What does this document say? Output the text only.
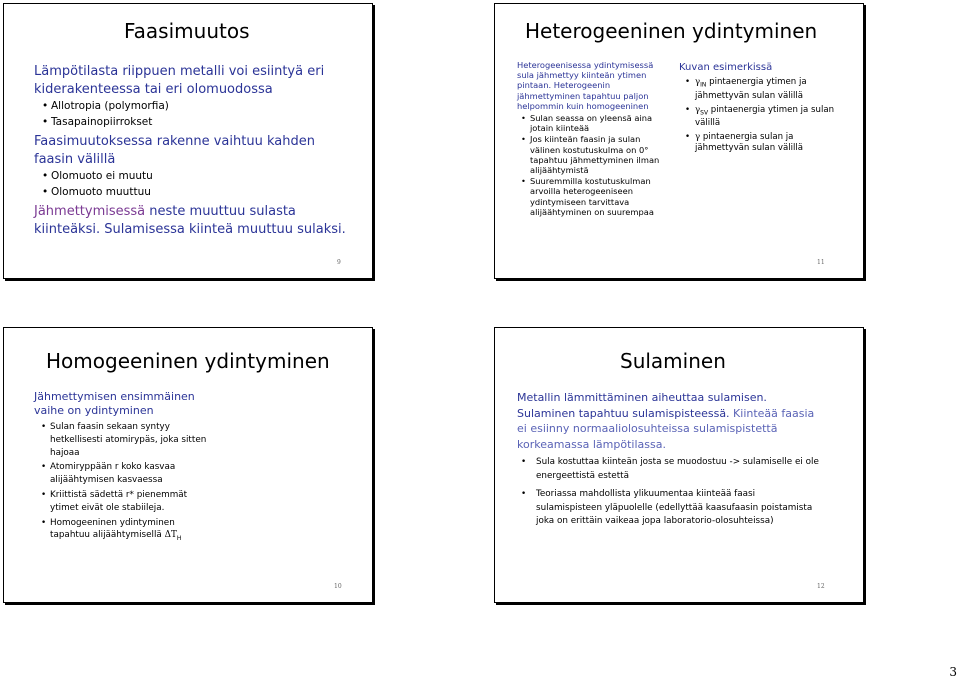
Faasimuutos

Lämpötilasta riippuen metalli voi esiintyä eri kiderakenteessa tai eri olomuodossa

• Allotropia (polymorfia)
• Tasapainopiirrokset

Faasimuutoksessa rakenne vaihtuu kahden faasin välillä

• Olomuoto ei muutu
• Olomuoto muuttuu

Jähmettymisessä neste muuttuu sulasta kiinteäksi. Sulamisessa kiinteä muuttuu sulaksi.

9
Heterogeeninen ydintyminen

Heterogeenisessa ydintymisessä sula jähmettyy kiinteän ytimen pintaan. Heterogeenin jähmettyminen tapahtuu paljon helpommin kuin homogeeninen

• Sulan seassa on yleensä aina jotain kiinteää
• Jos kiinteän faasin ja sulan välinen kostutuskulma on 0° tapahtuu jähmettyminen ilman alijäähtymistä
• Suuremmilla kostutuskulman arvoilla heterogeeniseen ydintymiseen tarvittava alijäähtyminen on suurempaa

Kuvan esimerkissä

• $\gamma_{IN}$ pintaenergia ytimen ja jähmettyvän sulan välillä
• $\gamma_{SV}$ pintaenergia ytimen ja sulan välillä
• γ pintaenergia sulan ja jähmettyvän sulan välillä
11
Homogeeninen ydintyminen

Jähmettymisen ensimmäinen vaihe on ydintyminen

• Sulan faasin sekaan syntyy hetkellisesti atomirypäs, joka sitten hajoaa
• Atomiryppään r koko kasvaa alijäähtymisen kasvaessa
• Kriittistä sädettä r* pienemmät ytimet eivät ole stabiileja.
• Homogeeninen ydintyminen tapahtuu alijäähtymisellä $\Delta T_H$
10
Sulaminen

Metallin lämmittäminen aiheuttaa sulamisen.

Sulaminen tapahtuu sulamispisteessä. Kiinteää faasia ei esiinny normaaliolosuhteissa sulamispistettä korkeamassa lämpötilassa.

• Sula kostuttaa kiinteän josta se muodostuu -> sulamiselle ei ole energeettistä estettä
• Teoriassa mahdollista ylikuumentaa kiinteää faasi sulamispisteen yläpuolelle (edellyttää kaasufaasin poistamista joka on erittäin vaikeaa jopa laboratorio-olosuhteissa)
12
3
